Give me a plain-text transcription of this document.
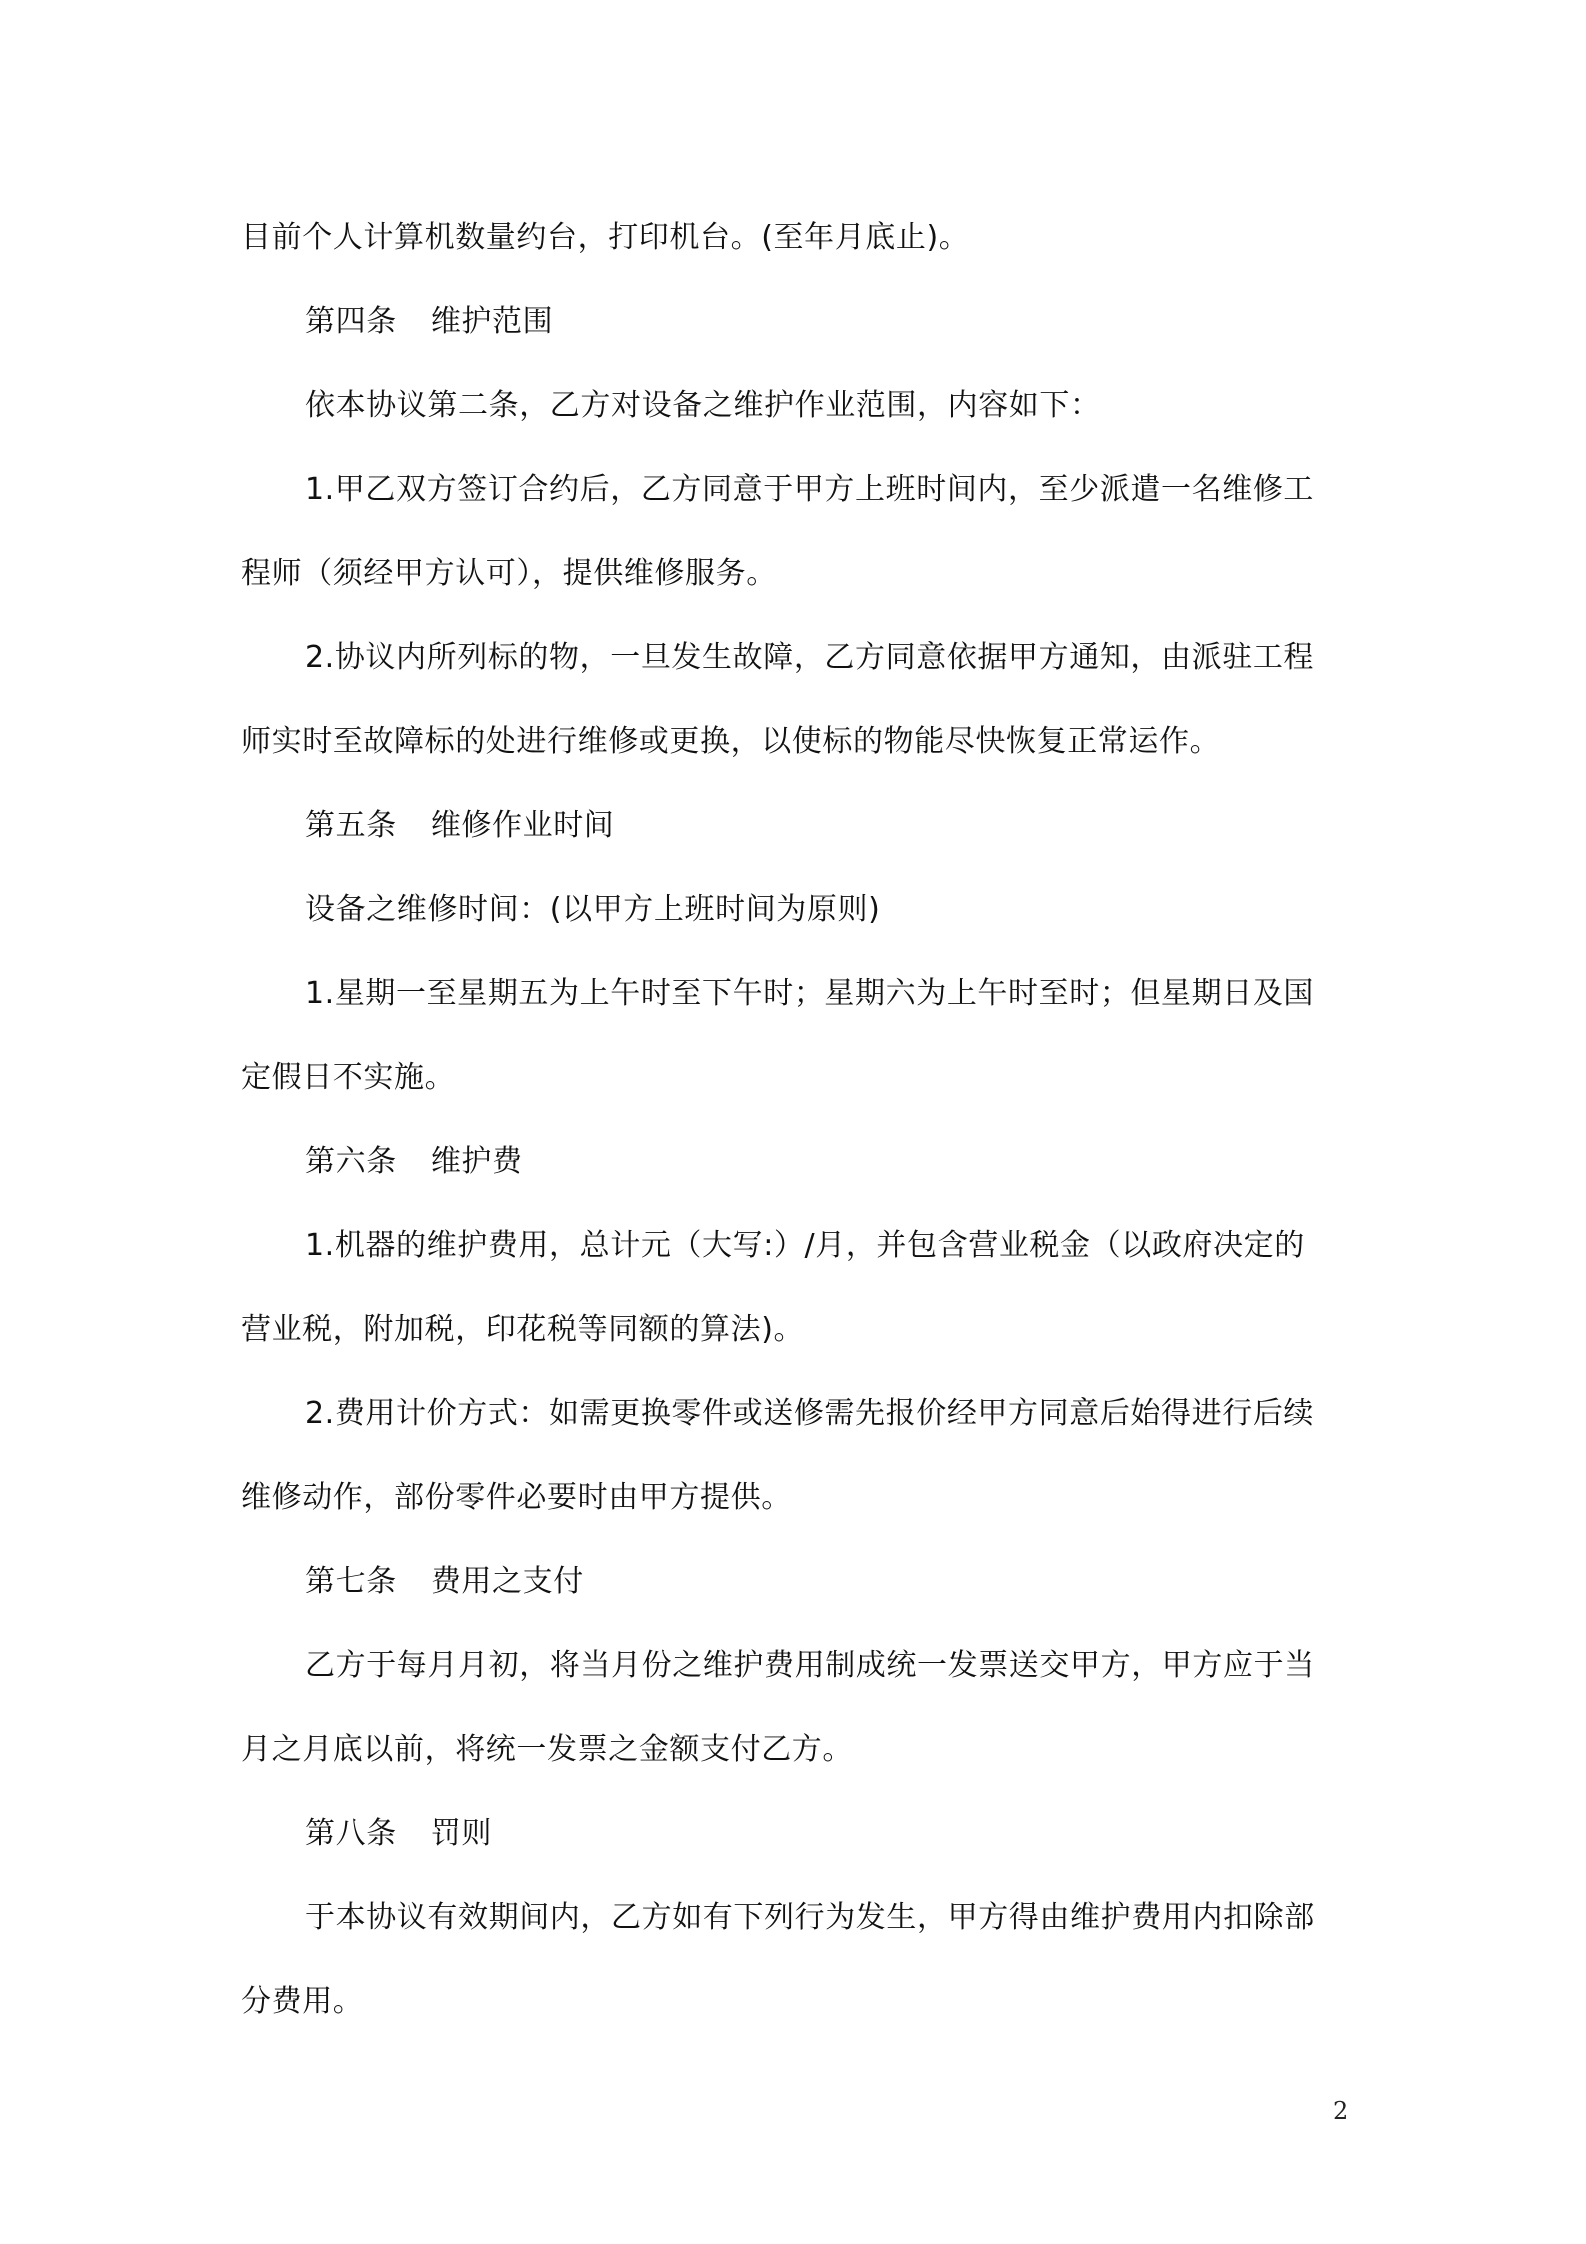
目前个人计算机数量约台，打印机台。(至年月底止)。
第四条 维护范围
依本协议第二条，乙方对设备之维护作业范围，内容如下：
1.甲乙双方签订合约后，乙方同意于甲方上班时间内，至少派遣一名维修工
程师（须经甲方认可），提供维修服务。
2.协议内所列标的物，一旦发生故障，乙方同意依据甲方通知，由派驻工程
师实时至故障标的处进行维修或更换，以使标的物能尽快恢复正常运作。
第五条 维修作业时间
设备之维修时间：(以甲方上班时间为原则)
1.星期一至星期五为上午时至下午时；星期六为上午时至时；但星期日及国
定假日不实施。
第六条 维护费
1.机器的维护费用，总计元（大写:）/月，并包含营业税金（以政府决定的
营业税，附加税，印花税等同额的算法)。
2.费用计价方式：如需更换零件或送修需先报价经甲方同意后始得进行后续
维修动作，部份零件必要时由甲方提供。
第七条 费用之支付
乙方于每月月初，将当月份之维护费用制成统一发票送交甲方，甲方应于当
月之月底以前，将统一发票之金额支付乙方。
第八条 罚则
于本协议有效期间内，乙方如有下列行为发生，甲方得由维护费用内扣除部
分费用。
2
